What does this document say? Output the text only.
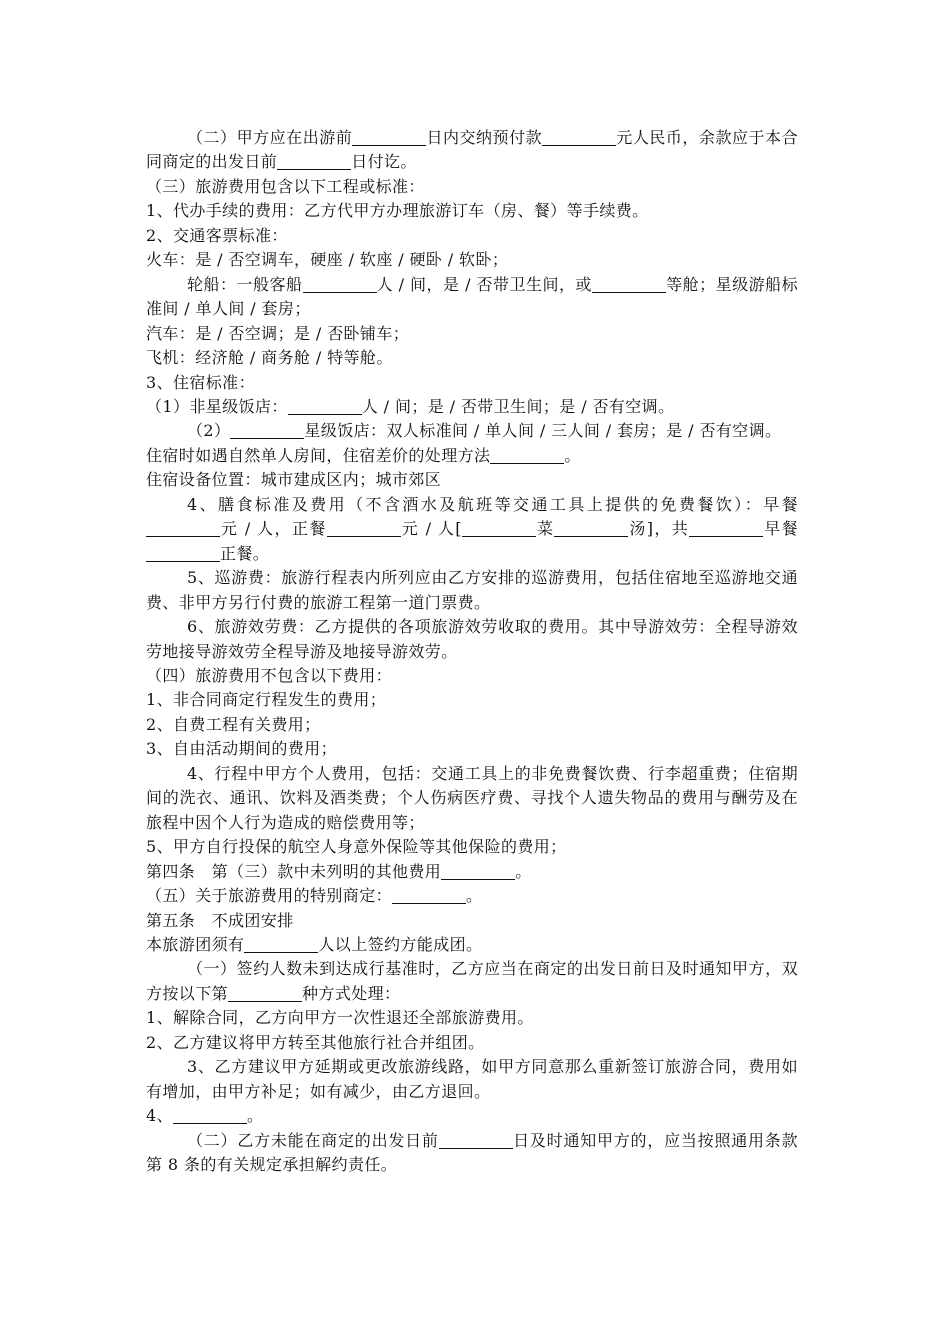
（二）甲方应在出游前	日内交纳预付款	元人民币，余款应于本合同商定的出发日前	日付讫。

（三）旅游费用包含以下工程或标准：

1、代办手续的费用：乙方代甲方办理旅游订车（房、餐）等手续费。

2、交通客票标准：

火车：是 / 否空调车，硬座 / 软座 / 硬卧 / 软卧；

轮船：一般客船	人 / 间，是 / 否带卫生间，或	等舱；星级游船标准间 / 单人间 / 套房；

汽车：是 / 否空调；是 / 否卧铺车；

飞机：经济舱 / 商务舱 / 特等舱。

3、住宿标准：

（1）非星级饭店：	人 / 间；是 / 否带卫生间；是 / 否有空调。

（2）	星级饭店：双人标准间 / 单人间 / 三人间 / 套房；是 / 否有空调。

住宿时如遇自然单人房间，住宿差价的处理方法	。

住宿设备位置：城市建成区内；城市郊区

4、膳食标准及费用（不含酒水及航班等交通工具上提供的免费餐饮）：早餐元 / 人，正餐	元 / 人[	菜	汤]，共	早餐正餐。

5、巡游费：旅游行程表内所列应由乙方安排的巡游费用，包括住宿地至巡游地交通费、非甲方另行付费的旅游工程第一道门票费。

6、旅游效劳费：乙方提供的各项旅游效劳收取的费用。其中导游效劳：全程导游效劳地接导游效劳全程导游及地接导游效劳。

（四）旅游费用不包含以下费用：

1、非合同商定行程发生的费用；

2、自费工程有关费用；

3、自由活动期间的费用；

4、行程中甲方个人费用，包括：交通工具上的非免费餐饮费、行李超重费；住宿期间的洗衣、通讯、饮料及酒类费；个人伤病医疗费、寻找个人遗失物品的费用与酬劳及在旅程中因个人行为造成的赔偿费用等；

5、甲方自行投保的航空人身意外保险等其他保险的费用；

第四条　第（三）款中未列明的其他费用	。

（五）关于旅游费用的特别商定：	。

第五条　不成团安排

本旅游团须有	人以上签约方能成团。

（一）签约人数未到达成行基准时，乙方应当在商定的出发日前日及时通知甲方，双方按以下第	种方式处理：

1、解除合同，乙方向甲方一次性退还全部旅游费用。

2、乙方建议将甲方转至其他旅行社合并组团。

3、乙方建议甲方延期或更改旅游线路，如甲方同意那么重新签订旅游合同，费用如有增加，由甲方补足；如有减少，由乙方退回。

4、	。

（二）乙方未能在商定的出发日前	日及时通知甲方的，应当按照通用条款第 8 条的有关规定承担解约责任。
